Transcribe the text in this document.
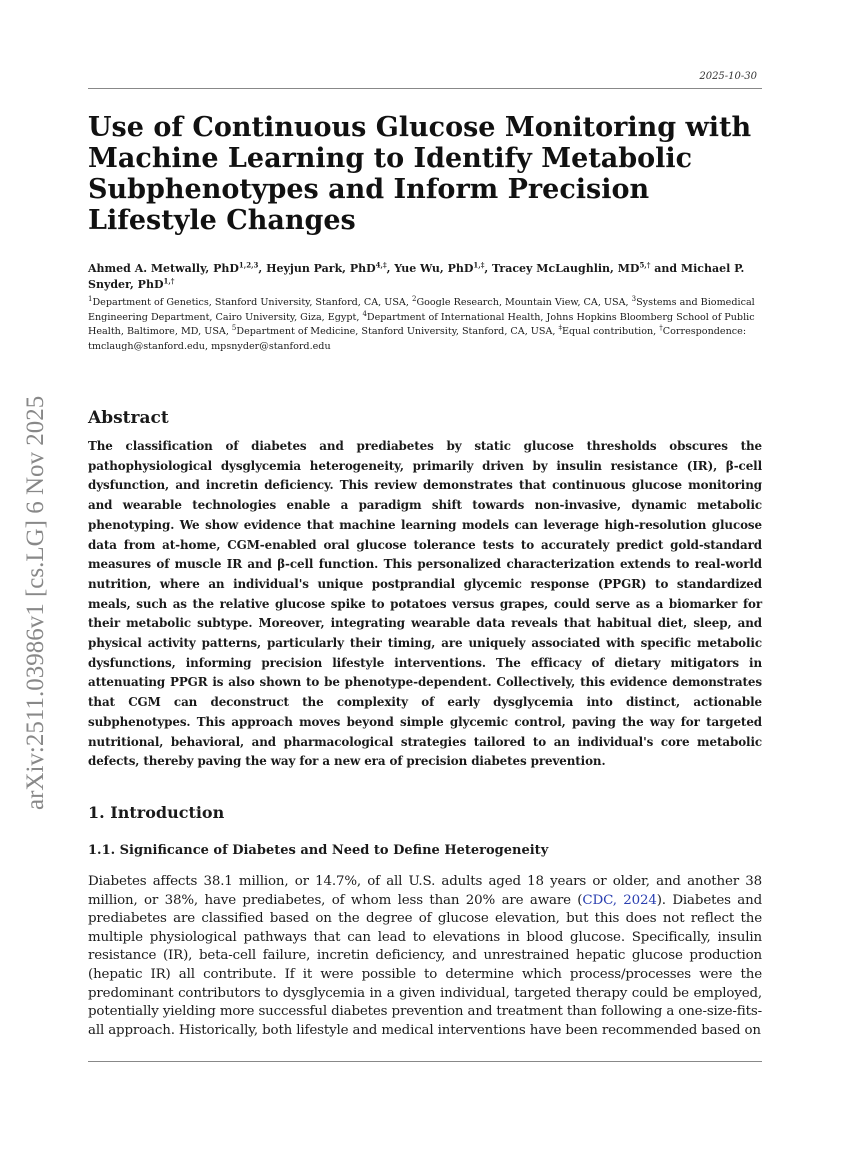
2025-10-30
arXiv:2511.03986v1 [cs.LG] 6 Nov 2025
Use of Continuous Glucose Monitoring with Machine Learning to Identify Metabolic Subphenotypes and Inform Precision Lifestyle Changes
Ahmed A. Metwally, PhD$^{1,2,3}$, Heyjun Park, PhD$^{4,\ddagger}$, Yue Wu, PhD$^{1,\ddagger}$, Tracey McLaughlin, $MD^{5,\dagger}$ and Michael P. Snyder, PhD$^{1,\dagger}$
$^1$Department of Genetics, Stanford University, Stanford, CA, USA, $^2$Google Research, Mountain View, CA, USA, $^3$Systems and Biomedical Engineering Department, Cairo University, Giza, Egypt, $^4$Department of International Health, Johns Hopkins Bloomberg School of Public Health, Baltimore, MD, USA, $^5$Department of Medicine, Stanford University, Stanford, CA, USA, ‡Equal contribution, †Correspondence: tmclaugh@stanford.edu, mpsnyder@stanford.edu
Abstract

The classification of diabetes and prediabetes by static glucose thresholds obscures the pathophysiological dysglycemia heterogeneity, primarily driven by insulin resistance (IR), β-cell dysfunction, and incretin deficiency. This review demonstrates that continuous glucose monitoring and wearable technologies enable a paradigm shift towards non-invasive, dynamic metabolic phenotyping. We show evidence that machine learning models can leverage high-resolution glucose data from at-home, CGM-enabled oral glucose tolerance tests to accurately predict gold-standard measures of muscle IR and β-cell function. This personalized characterization extends to real-world nutrition, where an individual's unique postprandial glycemic response (PPGR) to standardized meals, such as the relative glucose spike to potatoes versus grapes, could serve as a biomarker for their metabolic subtype. Moreover, integrating wearable data reveals that habitual diet, sleep, and physical activity patterns, particularly their timing, are uniquely associated with specific metabolic dysfunctions, informing precision lifestyle interventions. The efficacy of dietary mitigators in attenuating PPGR is also shown to be phenotype-dependent. Collectively, this evidence demonstrates that CGM can deconstruct the complexity of early dysglycemia into distinct, actionable subphenotypes. This approach moves beyond simple glycemic control, paving the way for targeted nutritional, behavioral, and pharmacological strategies tailored to an individual's core metabolic defects, thereby paving the way for a new era of precision diabetes prevention.

1. Introduction
1.1. Significance of Diabetes and Need to Define Heterogeneity

Diabetes affects 38.1 million, or 14.7%, of all U.S. adults aged 18 years or older, and another 38 million, or 38%, have prediabetes, of whom less than 20% are aware (CDC, 2024). Diabetes and prediabetes are classified based on the degree of glucose elevation, but this does not reflect the multiple physiological pathways that can lead to elevations in blood glucose. Specifically, insulin resistance (IR), beta-cell failure, incretin deficiency, and unrestrained hepatic glucose production (hepatic IR) all contribute. If it were possible to determine which process/processes were the predominant contributors to dysglycemia in a given individual, targeted therapy could be employed, potentially yielding more successful diabetes prevention and treatment than following a one-size-fits-all approach. Historically, both lifestyle and medical interventions have been recommended based on
